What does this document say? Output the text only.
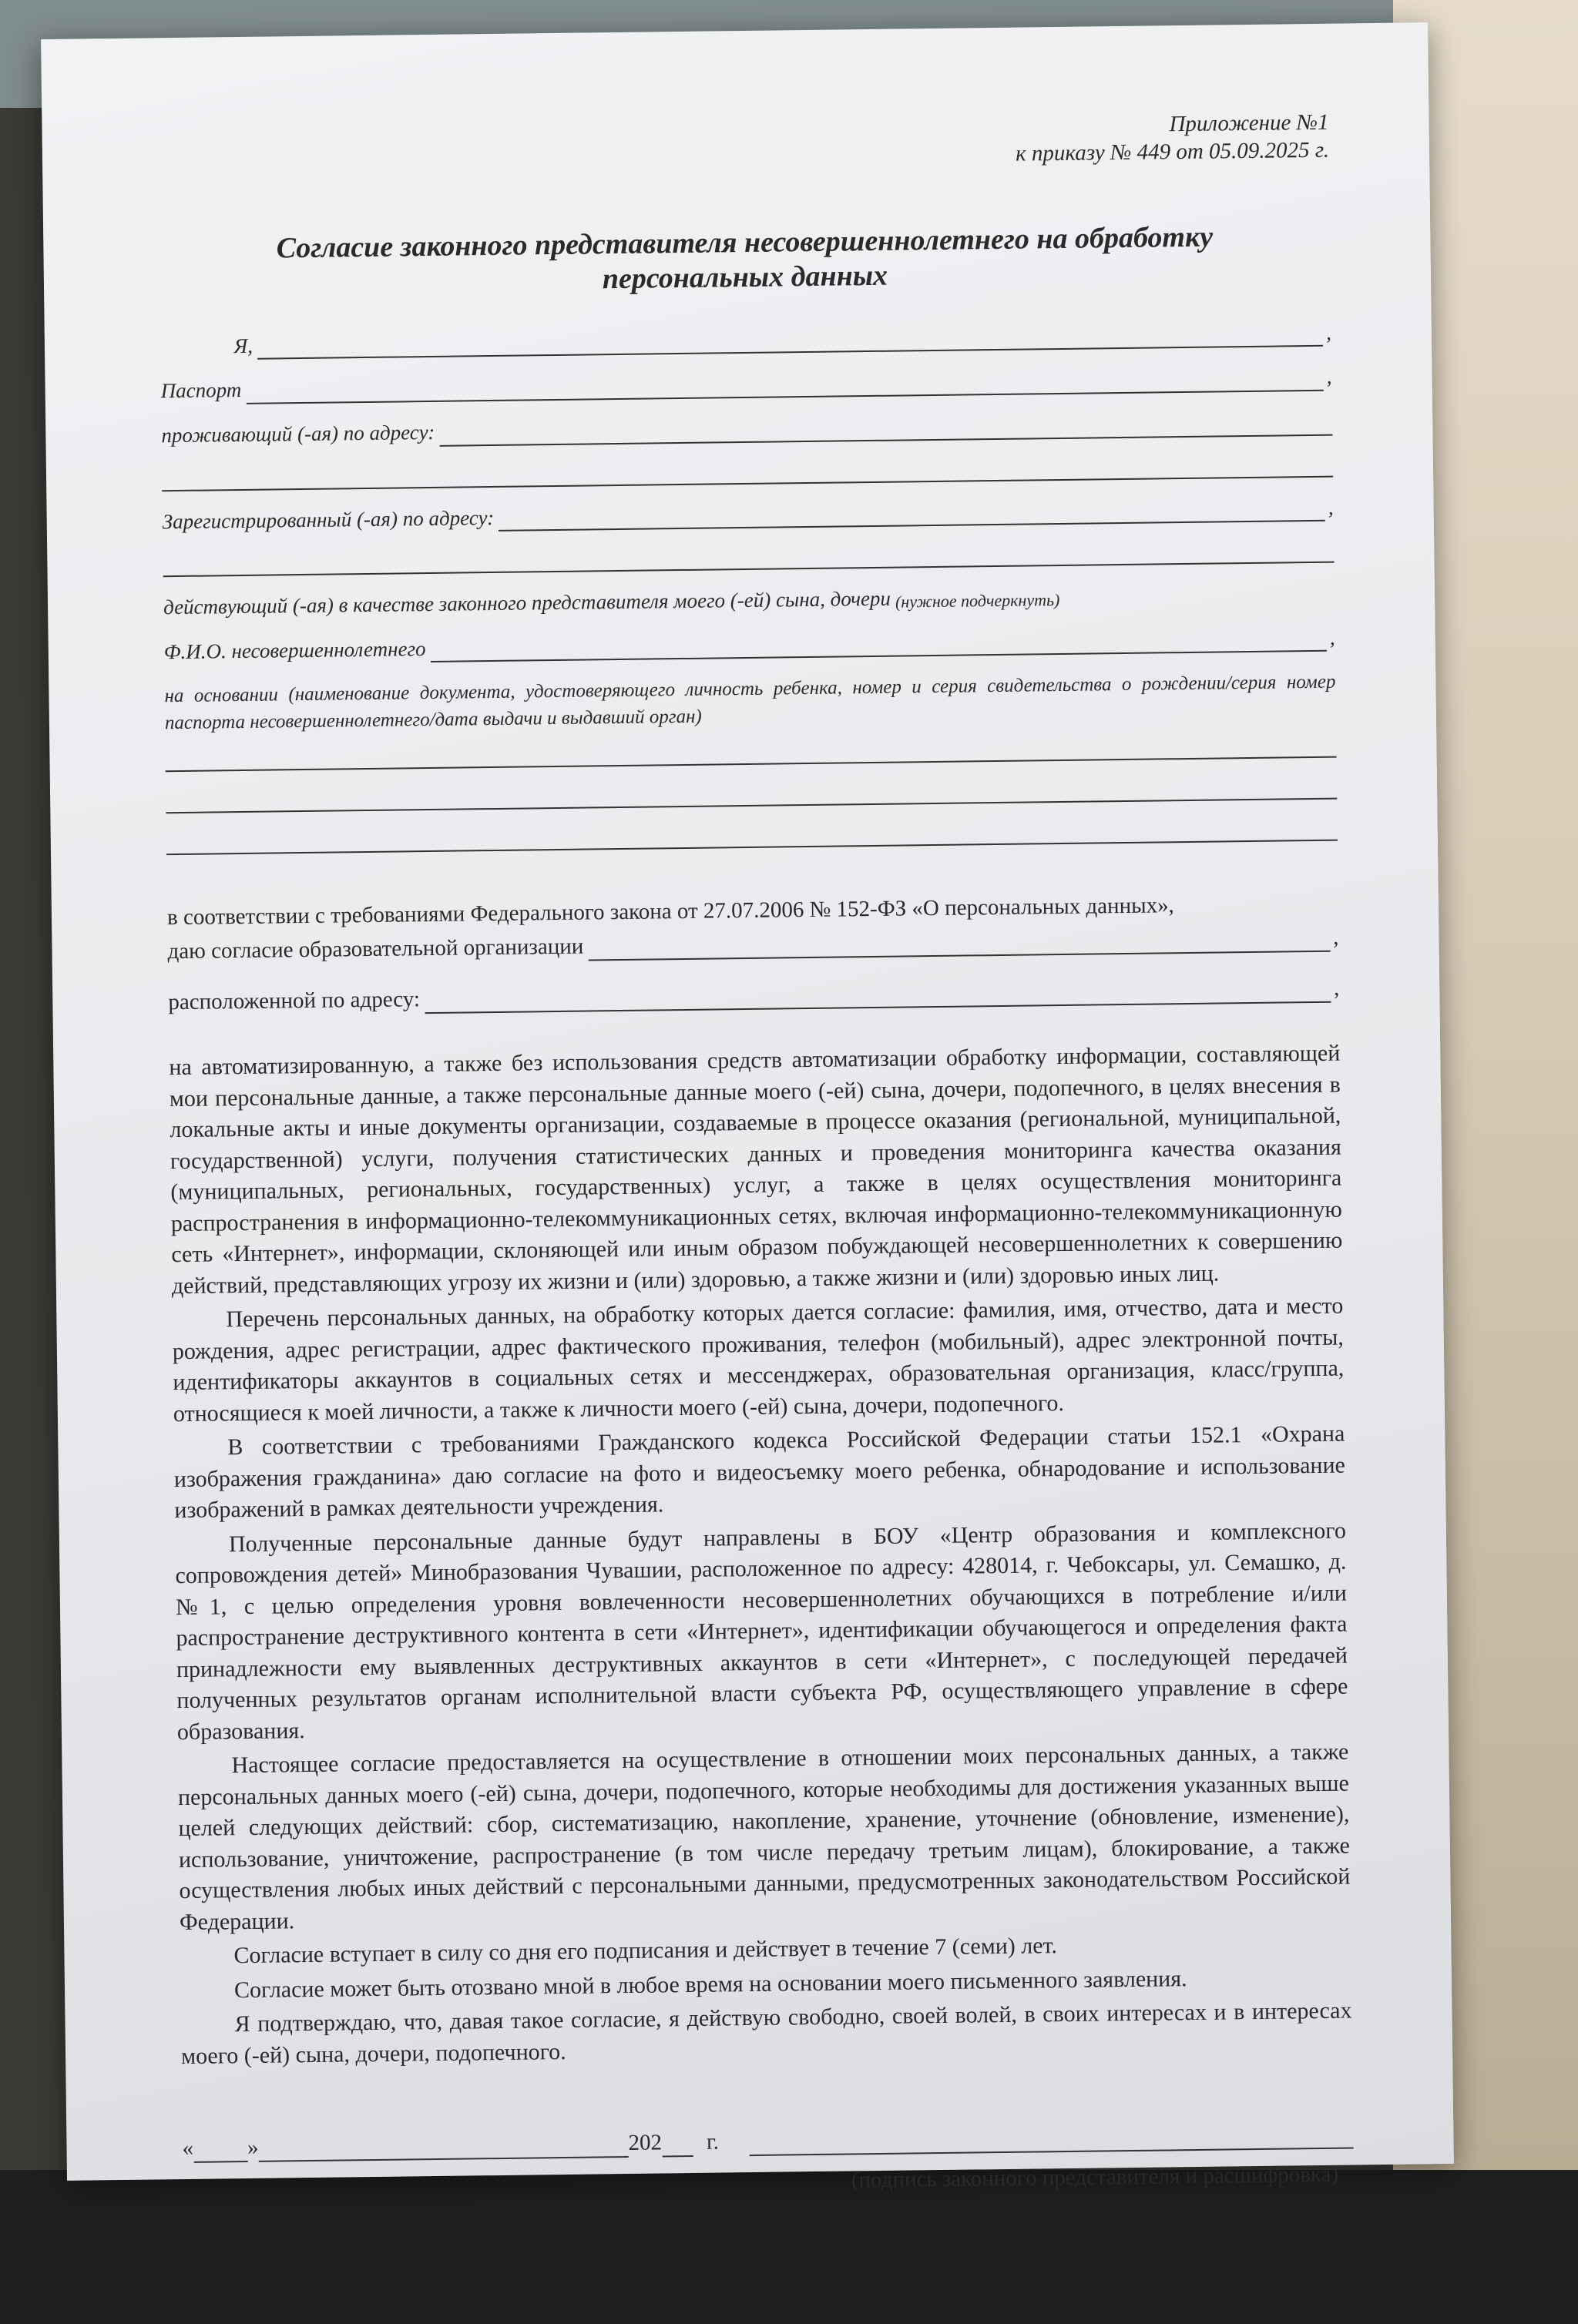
Приложение №1
к приказу № 449 от 05.09.2025 г.
Согласие законного представителя несовершеннолетнего на обработку
персональных данных
Я,
,
Паспорт
,
проживающий (-ая) по адресу:
Зарегистрированный (-ая) по адресу:	,
действующий (-ая) в качестве законного представителя моего (-ей) сына, дочери (нужное подчеркнуть)
Ф.И.О. несовершеннолетнего	,
на основании (наименование документа, удостоверяющего личность ребенка, номер и серия свидетельства о рождении/серия номер паспорта несовершеннолетнего/дата выдачи и выдавший орган)
в соответствии с требованиями Федерального закона от 27.07.2006 № 152-ФЗ «О персональных данных»,
даю согласие образовательной организации	,
расположенной по адресу:	,

на автоматизированную, а также без использования средств автоматизации обработку информации, составляющей мои персональные данные, а также персональные данные моего (-ей) сына, дочери, подопечного, в целях внесения в локальные акты и иные документы организации, создаваемые в процессе оказания (региональной, муниципальной, государственной) услуги, получения статистических данных и проведения мониторинга качества оказания (муниципальных, региональных, государственных) услуг, а также в целях осуществления мониторинга распространения в информационно-телекоммуникационных сетях, включая информационно-телекоммуникационную сеть «Интернет», информации, склоняющей или иным образом побуждающей несовершеннолетних к совершению действий, представляющих угрозу их жизни и (или) здоровью, а также жизни и (или) здоровью иных лиц.

Перечень персональных данных, на обработку которых дается согласие: фамилия, имя, отчество, дата и место рождения, адрес регистрации, адрес фактического проживания, телефон (мобильный), адрес электронной почты, идентификаторы аккаунтов в социальных сетях и мессенджерах, образовательная организация, класс/группа, относящиеся к моей личности, а также к личности моего (-ей) сына, дочери, подопечного.

В соответствии с требованиями Гражданского кодекса Российской Федерации статьи 152.1 «Охрана изображения гражданина» даю согласие на фото и видеосъемку моего ребенка, обнародование и использование изображений в рамках деятельности учреждения.

Полученные персональные данные будут направлены в БОУ «Центр образования и комплексного сопровождения детей» Минобразования Чувашии, расположенное по адресу: 428014, г. Чебоксары, ул. Семашко, д. №1, с целью определения уровня вовлеченности несовершеннолетних обучающихся в потребление и/или распространение деструктивного контента в сети «Интернет», идентификации обучающегося и определения факта принадлежности ему выявленных деструктивных аккаунтов в сети «Интернет», с последующей передачей полученных результатов органам исполнительной власти субъекта РФ, осуществляющего управление в сфере образования.

Настоящее согласие предоставляется на осуществление в отношении моих персональных данных, а также персональных данных моего (-ей) сына, дочери, подопечного, которые необходимы для достижения указанных выше целей следующих действий: сбор, систематизацию, накопление, хранение, уточнение (обновление, изменение), использование, уничтожение, распространение (в том числе передачу третьим лицам), блокирование, а также осуществления любых иных действий с персональными данными, предусмотренных законодательством Российской Федерации.

Согласие вступает в силу со дня его подписания и действует в течение 7 (семи) лет.

Согласие может быть отозвано мной в любое время на основании моего письменного заявления.

Я подтверждаю, что, давая такое согласие, я действую свободно, своей волей, в своих интересах и в интересах моего (-ей) сына, дочери, подопечного.

« »	202 г.
(подпись законного представителя и расшифровка)
